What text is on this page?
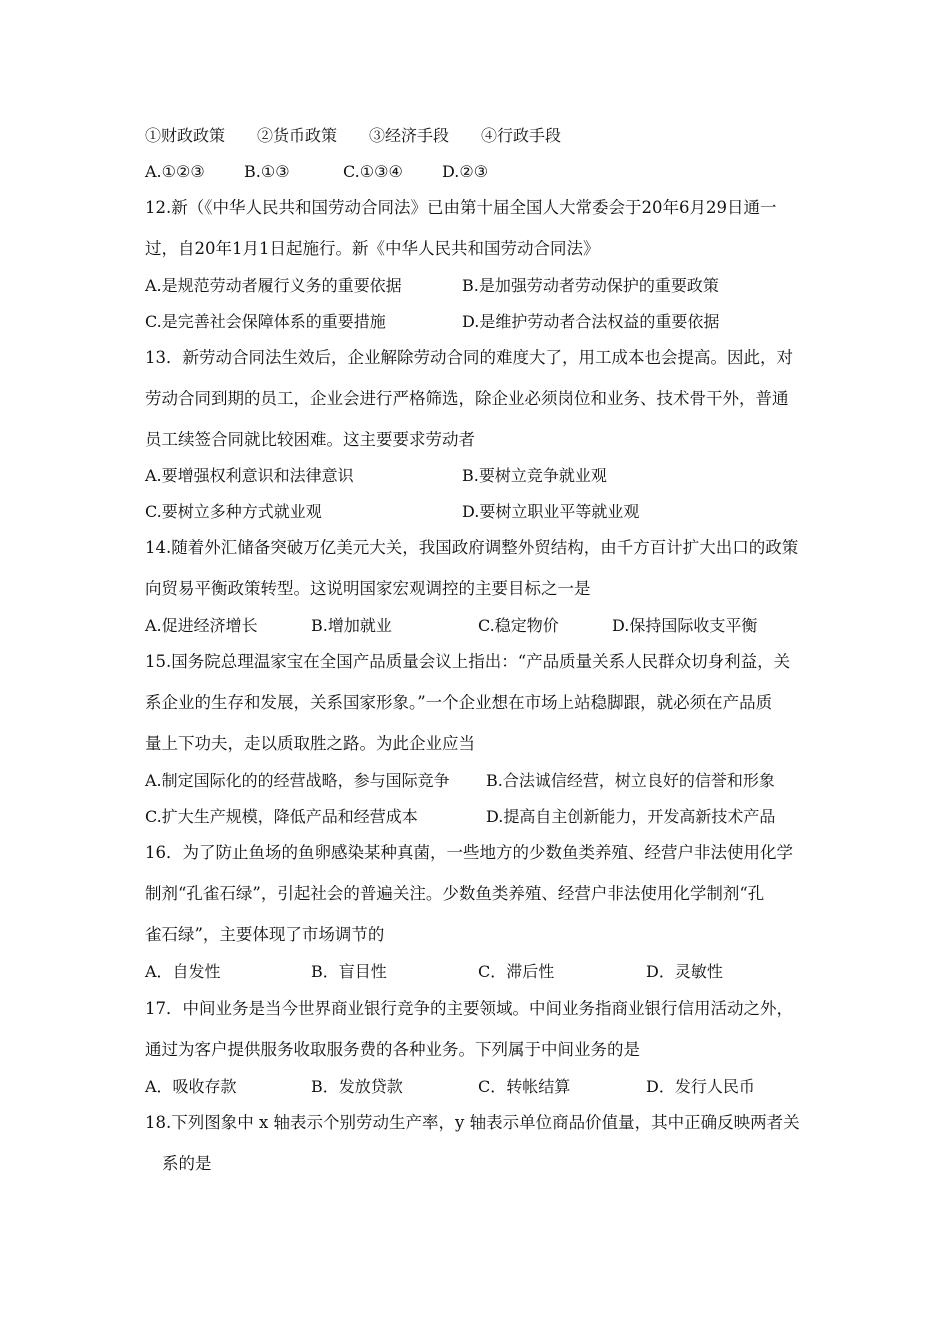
①财政政策　　②货币政策　　③经济手段　　④行政手段
A.①②③ B.①③	C.①③④ D.②③
12.新（《中华人民共和国劳动合同法》已由第十届全国人大常委会于20年6月29日通一
过，自20年1月1日起施行。新《中华人民共和国劳动合同法》
A.是规范劳动者履行义务的重要依据	B.是加强劳动者劳动保护的重要政策
C.是完善社会保障体系的重要措施	D.是维护劳动者合法权益的重要依据
13．新劳动合同法生效后，企业解除劳动合同的难度大了，用工成本也会提高。因此，对
劳动合同到期的员工，企业会进行严格筛选，除企业必须岗位和业务、技术骨干外，普通
员工续签合同就比较困难。这主要要求劳动者
A.要增强权利意识和法律意识	B.要树立竞争就业观
C.要树立多种方式就业观	D.要树立职业平等就业观
14.随着外汇储备突破万亿美元大关，我国政府调整外贸结构，由千方百计扩大出口的政策
向贸易平衡政策转型。这说明国家宏观调控的主要目标之一是
A.促进经济增长	B.增加就业	C.稳定物价	D.保持国际收支平衡
15.国务院总理温家宝在全国产品质量会议上指出：“产品质量关系人民群众切身利益，关
系企业的生存和发展，关系国家形象。”一个企业想在市场上站稳脚跟，就必须在产品质
量上下功夫，走以质取胜之路。为此企业应当
A.制定国际化的的经营战略，参与国际竞争 B.合法诚信经营，树立良好的信誉和形象
C.扩大生产规模，降低产品和经营成本	D.提高自主创新能力，开发高新技术产品
16．为了防止鱼场的鱼卵感染某种真菌，一些地方的少数鱼类养殖、经营户非法使用化学
制剂“孔雀石绿”，引起社会的普遍关注。少数鱼类养殖、经营户非法使用化学制剂“孔
雀石绿”，主要体现了市场调节的
A．自发性	B．盲目性	C．滞后性	D．灵敏性
17．中间业务是当今世界商业银行竞争的主要领域。中间业务指商业银行信用活动之外，
通过为客户提供服务收取服务费的各种业务。下列属于中间业务的是
A．吸收存款	B．发放贷款	C．转帐结算	D．发行人民币
18.下列图象中 x 轴表示个别劳动生产率，y 轴表示单位商品价值量，其中正确反映两者关
系的是
